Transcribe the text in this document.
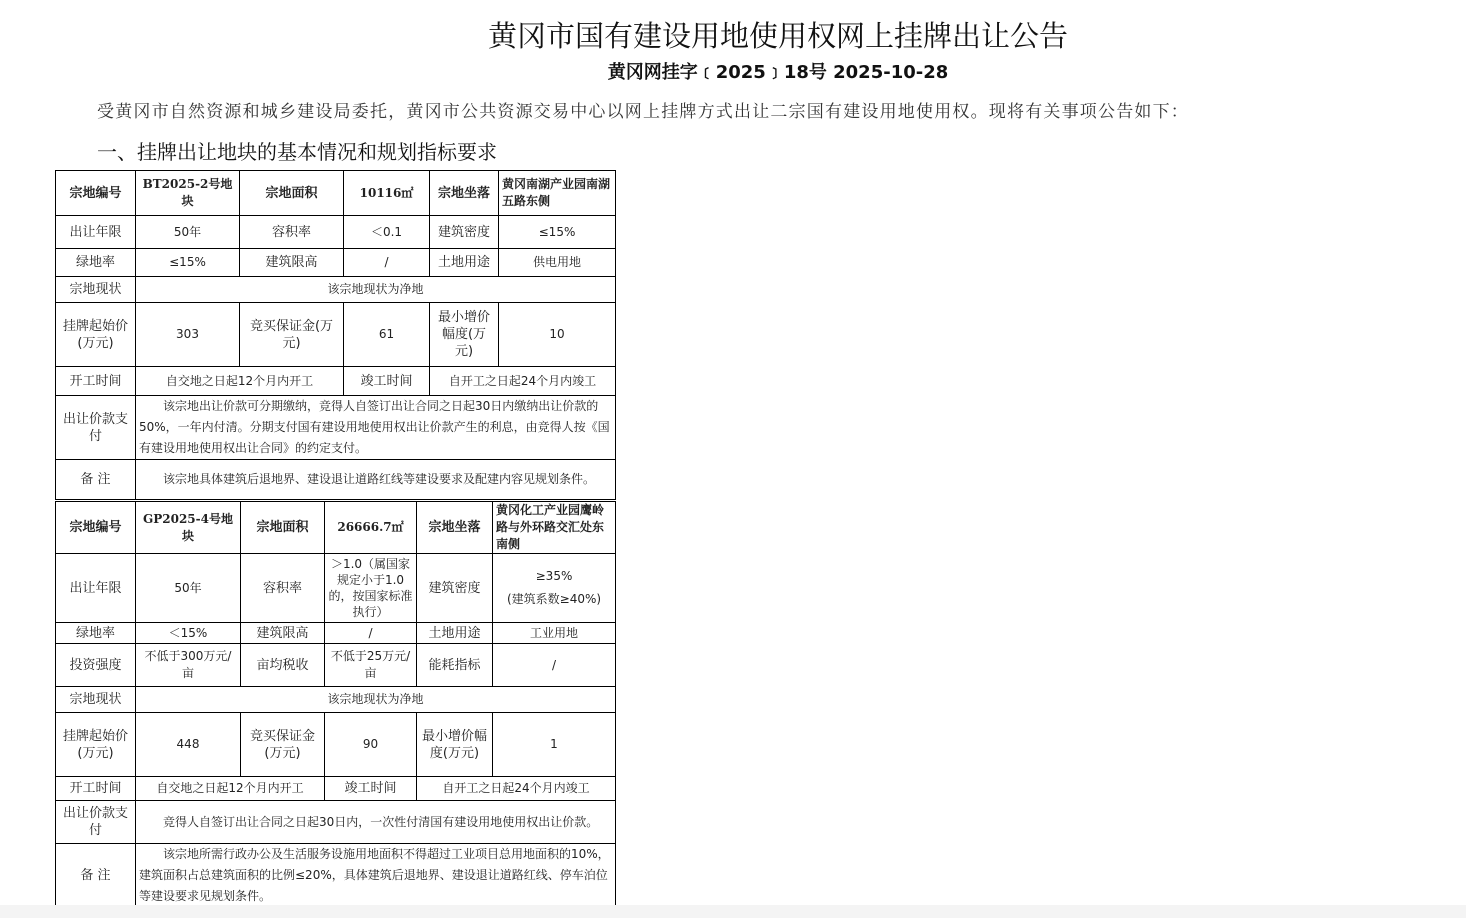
黄冈市国有建设用地使用权网上挂牌出让公告
黄冈网挂字﹝2025﹞18号 2025-10-28
受黄冈市自然资源和城乡建设局委托，黄冈市公共资源交易中心以网上挂牌方式出让二宗国有建设用地使用权。现将有关事项公告如下：
一、挂牌出让地块的基本情况和规划指标要求
宗地编号	BT2025-2号地块	宗地面积	10116㎡	宗地坐落	黄冈南湖产业园南湖五路东侧
出让年限	50年	容积率	＜0.1	建筑密度	≤15%
绿地率	≤15%	建筑限高	/	土地用途	供电用地
宗地现状	该宗地现状为净地				
挂牌起始价(万元)	303	竞买保证金(万元)	61	最小增价幅度(万元)	10
开工时间	自交地之日起12个月内开工		竣工时间	自开工之日起24个月内竣工	
出让价款支付	该宗地出让价款可分期缴纳，竞得人自签订出让合同之日起30日内缴纳出让价款的50%，一年内付清。分期支付国有建设用地使用权出让价款产生的利息，由竞得人按《国有建设用地使用权出让合同》的约定支付。				
备 注	该宗地具体建筑后退地界、建设退让道路红线等建设要求及配建内容见规划条件。				
宗地编号	GP2025-4号地块	宗地面积	26666.7㎡	宗地坐落	黄冈化工产业园鹰岭路与外环路交汇处东南侧
出让年限	50年	容积率	＞1.0（属国家规定小于1.0的，按国家标准执行）	建筑密度	≥35%
(建筑系数≥40%)

绿地率	＜15%	建筑限高	/	土地用途	工业用地
投资强度	不低于300万元/亩	亩均税收	不低于25万元/亩	能耗指标	/
宗地现状	该宗地现状为净地				
挂牌起始价(万元)	448	竞买保证金(万元)	90	最小增价幅度(万元)	1
开工时间	自交地之日起12个月内开工		竣工时间	自开工之日起24个月内竣工	
出让价款支付	竞得人自签订出让合同之日起30日内，一次性付清国有建设用地使用权出让价款。				
备 注	该宗地所需行政办公及生活服务设施用地面积不得超过工业项目总用地面积的10%，建筑面积占总建筑面积的比例≤20%，具体建筑后退地界、建设退让道路红线、停车泊位等建设要求见规划条件。				
